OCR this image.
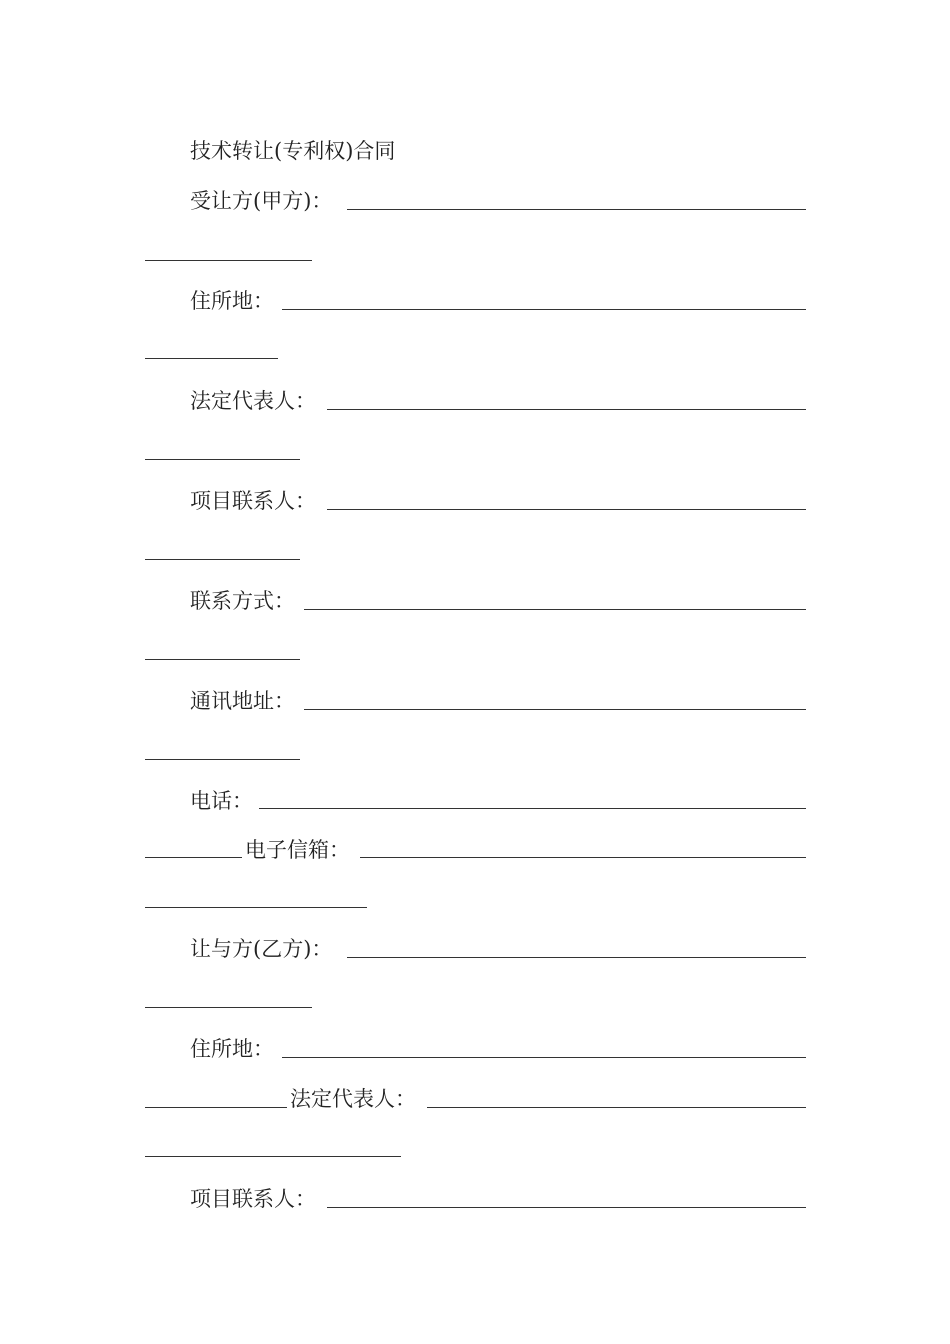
技术转让(专利权)合同
受让方(甲方)：
住所地：
法定代表人：
项目联系人：
联系方式：
通讯地址：
电话：
电子信箱：
让与方(乙方)：
住所地：
法定代表人：
项目联系人：
